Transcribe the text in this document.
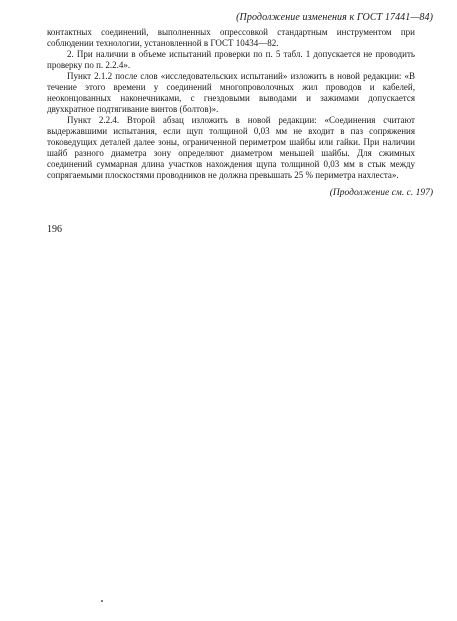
(Продолжение изменения к ГОСТ 17441—84)

контактных соединений, выполненных опрессовкой стандартным инструментом при соблюдении технологии, установленной в ГОСТ 10434—82.

2. При наличии в объеме испытаний проверки по п. 5 табл. 1 допускается не проводить проверку по п. 2.2.4».

Пункт 2.1.2 после слов «исследовательских испытаний» изложить в новой редакции: «В течение этого времени у соединений многопроволочных жил проводов и кабелей, неоконцованных наконечниками, с гнездовыми выводами и зажимами допускается двухкратное подтягивание винтов (болтов)».

Пункт 2.2.4. Второй абзац изложить в новой редакции: «Соединения считают выдержавшими испытания, если щуп толщиной 0,03 мм не входит в паз сопряжения токоведущих деталей далее зоны, ограниченной периметром шайбы или гайки. При наличии шайб разного диаметра зону определяют диаметром меньшей шайбы. Для сжимных соединений суммарная длина участков нахождения щупа толщиной 0,03 мм в стык между сопрягаемыми плоскостями проводников не должна превышать 25 % периметра нахлеста».

(Продолжение см. с. 197)
196
